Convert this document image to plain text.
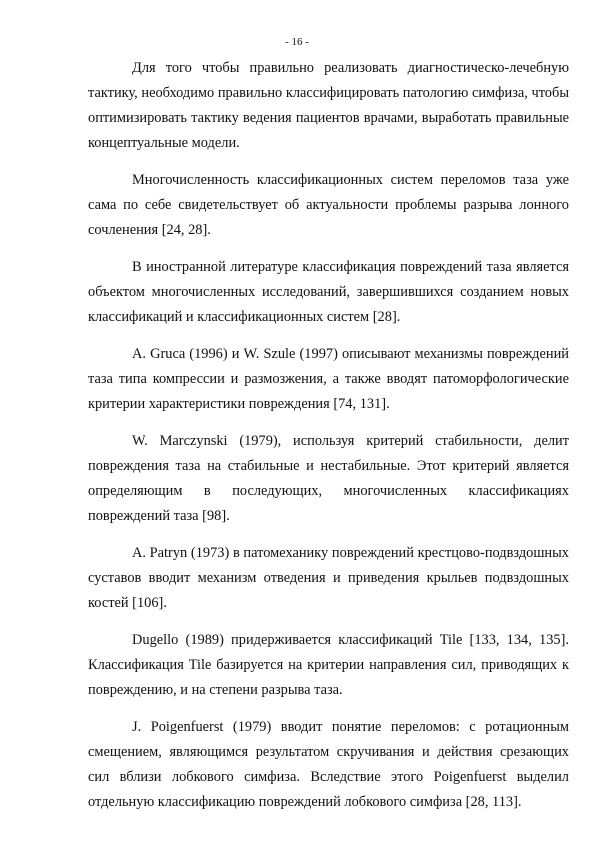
- 16 -

Для того чтобы правильно реализовать диагностическо-лечебную тактику, необходимо правильно классифицировать патологию симфиза, чтобы оптимизировать тактику ведения пациентов врачами, выработать правильные концептуальные модели.

Многочисленность классификационных систем переломов таза уже сама по себе свидетельствует об актуальности проблемы разрыва лонного сочленения [24, 28].

В иностранной литературе классификация повреждений таза является объектом многочисленных исследований, завершившихся созданием новых классификаций и классификационных систем [28].

A. Gruca (1996) и W. Szule (1997) описывают механизмы повреждений таза типа компрессии и размозжения, а также вводят патоморфологические критерии характеристики повреждения [74, 131].

W. Marczynski (1979), используя критерий стабильности, делит повреждения таза на стабильные и нестабильные. Этот критерий является определяющим в последующих, многочисленных классификациях повреждений таза [98].

A. Patryn (1973) в патомеханику повреждений крестцово-подвздошных суставов вводит механизм отведения и приведения крыльев подвздошных костей [106].

Dugello (1989) придерживается классификаций Tile [133, 134, 135]. Классификация Tile базируется на критерии направления сил, приводящих к повреждению, и на степени разрыва таза.

J. Poigenfuerst (1979) вводит понятие переломов: с ротационным смещением, являющимся результатом скручивания и действия срезающих сил вблизи лобкового симфиза. Вследствие этого Poigenfuerst выделил отдельную классификацию повреждений лобкового симфиза [28, 113].
